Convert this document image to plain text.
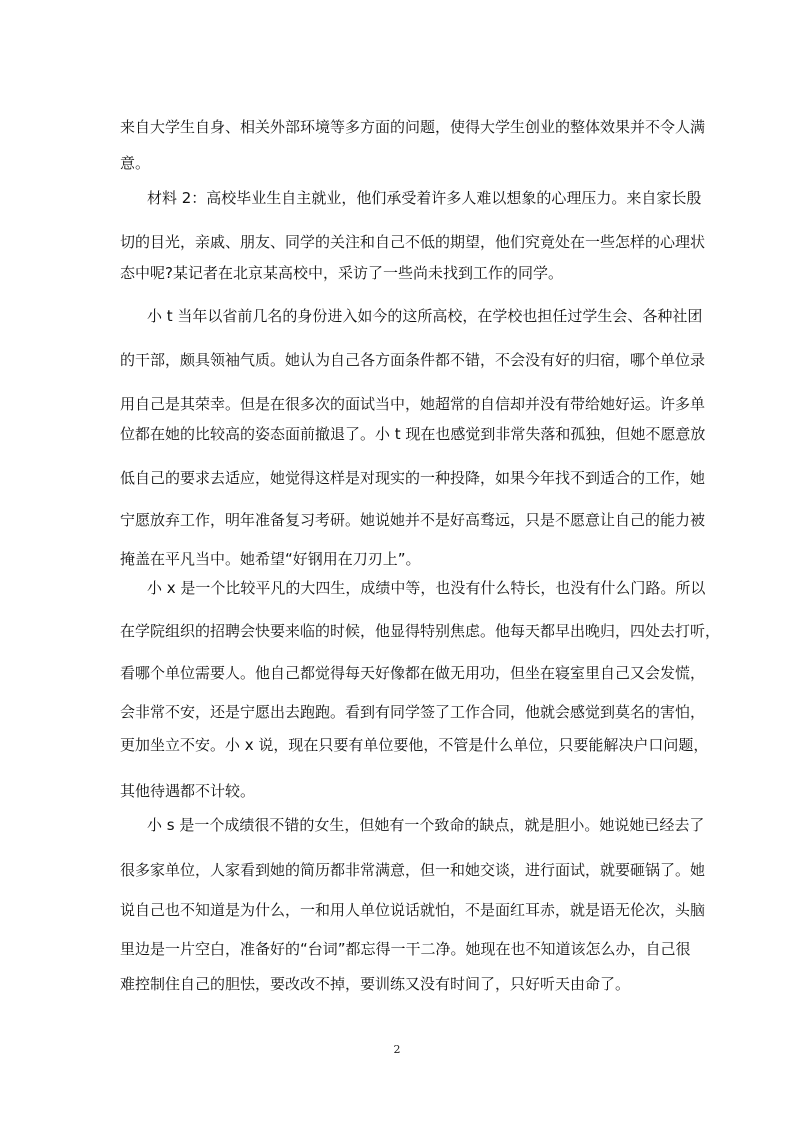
来自大学生自身、相关外部环境等多方面的问题，使得大学生创业的整体效果并不令人满
意。
材料 2：高校毕业生自主就业，他们承受着许多人难以想象的心理压力。来自家长殷
切的目光，亲戚、朋友、同学的关注和自己不低的期望，他们究竟处在一些怎样的心理状
态中呢?某记者在北京某高校中，采访了一些尚未找到工作的同学。
小 t 当年以省前几名的身份进入如今的这所高校，在学校也担任过学生会、各种社团
的干部，颇具领袖气质。她认为自己各方面条件都不错，不会没有好的归宿，哪个单位录
用自己是其荣幸。但是在很多次的面试当中，她超常的自信却并没有带给她好运。许多单
位都在她的比较高的姿态面前撤退了。小 t 现在也感觉到非常失落和孤独，但她不愿意放
低自己的要求去适应，她觉得这样是对现实的一种投降，如果今年找不到适合的工作，她
宁愿放弃工作，明年准备复习考研。她说她并不是好高骛远，只是不愿意让自己的能力被
掩盖在平凡当中。她希望“好钢用在刀刃上”。
小 x 是一个比较平凡的大四生，成绩中等，也没有什么特长，也没有什么门路。所以
在学院组织的招聘会快要来临的时候，他显得特别焦虑。他每天都早出晚归，四处去打听，
看哪个单位需要人。他自己都觉得每天好像都在做无用功，但坐在寝室里自己又会发慌，
会非常不安，还是宁愿出去跑跑。看到有同学签了工作合同，他就会感觉到莫名的害怕，
更加坐立不安。小 x 说，现在只要有单位要他，不管是什么单位，只要能解决户口问题，
其他待遇都不计较。
小 s 是一个成绩很不错的女生，但她有一个致命的缺点，就是胆小。她说她已经去了
很多家单位，人家看到她的简历都非常满意，但一和她交谈，进行面试，就要砸锅了。她
说自己也不知道是为什么，一和用人单位说话就怕，不是面红耳赤，就是语无伦次，头脑
里边是一片空白，准备好的“台词”都忘得一干二净。她现在也不知道该怎么办，自己很
难控制住自己的胆怯，要改改不掉，要训练又没有时间了，只好听天由命了。
2
